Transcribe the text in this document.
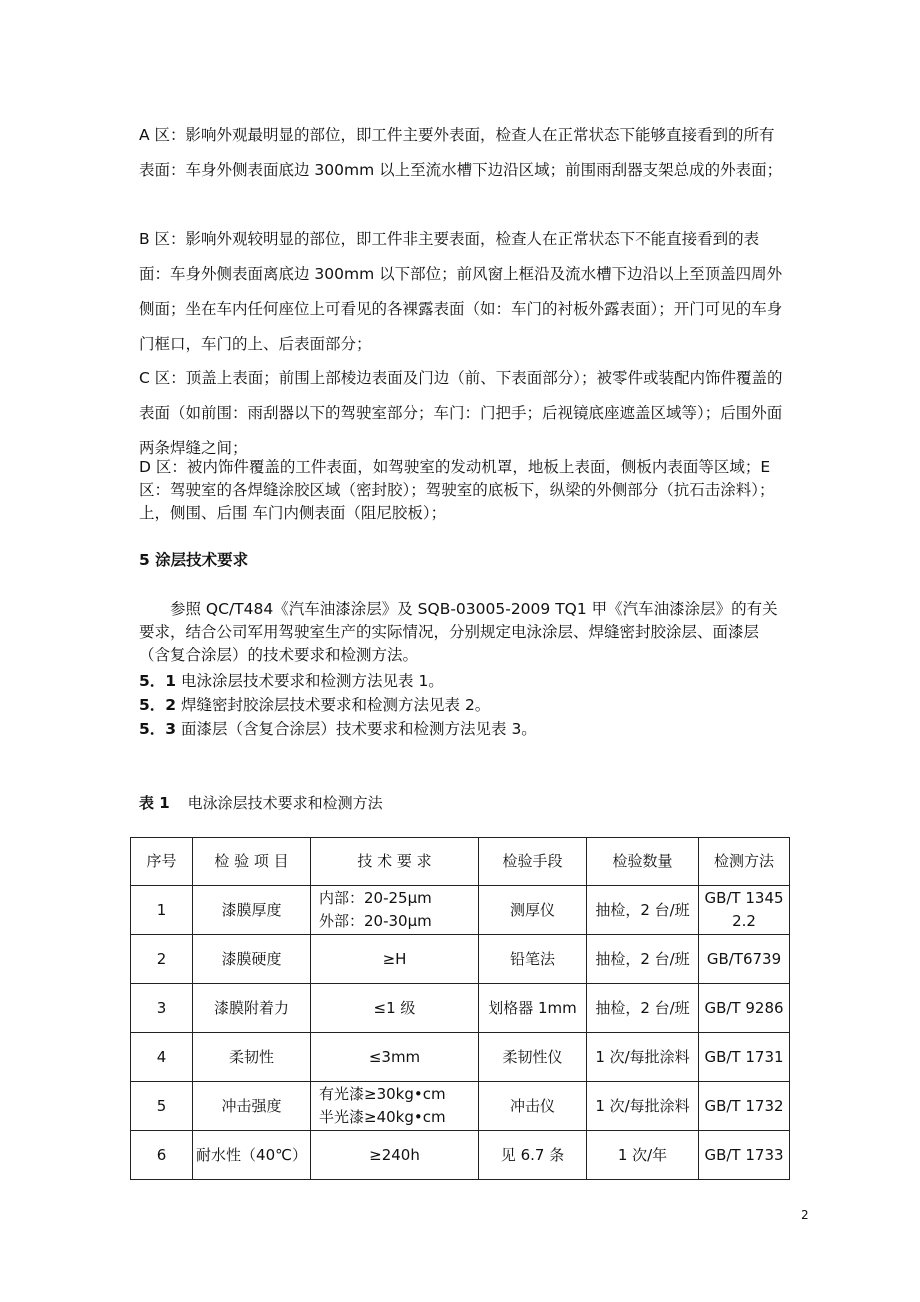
A 区：影响外观最明显的部位，即工件主要外表面，检查人在正常状态下能够直接看到的所有表面：车身外侧表面底边 300mm 以上至流水槽下边沿区域；前围雨刮器支架总成的外表面；

B 区：影响外观较明显的部位，即工件非主要表面，检查人在正常状态下不能直接看到的表面：车身外侧表面离底边 300mm 以下部位；前风窗上框沿及流水槽下边沿以上至顶盖四周外侧面；坐在车内任何座位上可看见的各裸露表面（如：车门的衬板外露表面）；开门可见的车身门框口，车门的上、后表面部分；

C 区：顶盖上表面；前围上部棱边表面及门边（前、下表面部分）；被零件或装配内饰件覆盖的表面（如前围：雨刮器以下的驾驶室部分；车门：门把手；后视镜底座遮盖区域等）；后围外面两条焊缝之间；

D 区：被内饰件覆盖的工件表面，如驾驶室的发动机罩，地板上表面，侧板内表面等区域；E 区：驾驶室的各焊缝涂胶区域（密封胶）；驾驶室的底板下，纵梁的外侧部分（抗石击涂料）；上，侧围、后围 车门内侧表面（阻尼胶板）；

5 涂层技术要求

参照 QC/T484《汽车油漆涂层》及 SQB-03005-2009 TQ1 甲《汽车油漆涂层》的有关要求，结合公司军用驾驶室生产的实际情况，分别规定电泳涂层、焊缝密封胶涂层、面漆层（含复合涂层）的技术要求和检测方法。

5．1 电泳涂层技术要求和检测方法见表 1。

5．2 焊缝密封胶涂层技术要求和检测方法见表 2。

5．3 面漆层（含复合涂层）技术要求和检测方法见表 3。

表 1 电泳涂层技术要求和检测方法

序号	检 验 项 目	技 术 要 求	检验手段	检验数量	检测方法
1	漆膜厚度	内部：20-25µm
外部：20-30µm	测厚仪	抽检，2 台/班	GB/T 13452.2
2	漆膜硬度	≥H	铅笔法	抽检，2 台/班	GB/T6739
3	漆膜附着力	≤1 级	划格器 1mm	抽检，2 台/班	GB/T 9286
4	柔韧性	≤3mm	柔韧性仪	1 次/每批涂料	GB/T 1731
5	冲击强度	有光漆≥30kg•cm
半光漆≥40kg•cm	冲击仪	1 次/每批涂料	GB/T 1732
6	耐水性（40℃）	≥240h	见 6.7 条	1 次/年	GB/T 1733
2
